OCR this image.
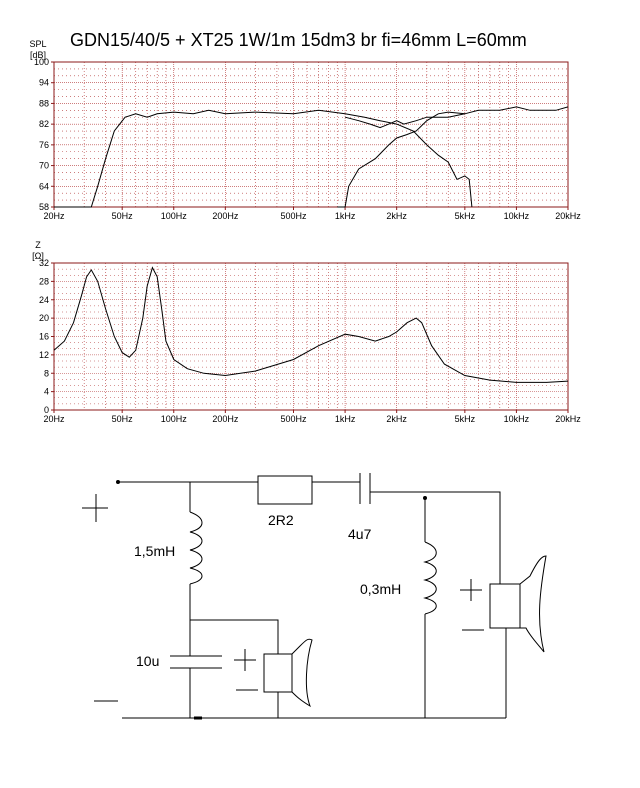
GDN15/40/5 + XT25 1W/1m 15dm3 br fi=46mm L=60mm
100
94
88
82
76
70
64
58
20Hz	50Hz	100Hz	200Hz	500Hz	1kHz	2kHz	5kHz	10kHz	20kHz
SPL
[dB]
32
28
24
20
16
12
8
4
0
20Hz	50Hz	100Hz	200Hz	500Hz	1kHz	2kHz	5kHz	10kHz	20kHz
Z
[Ω]
2R2
4u7
1,5mH
0,3mH
10u
